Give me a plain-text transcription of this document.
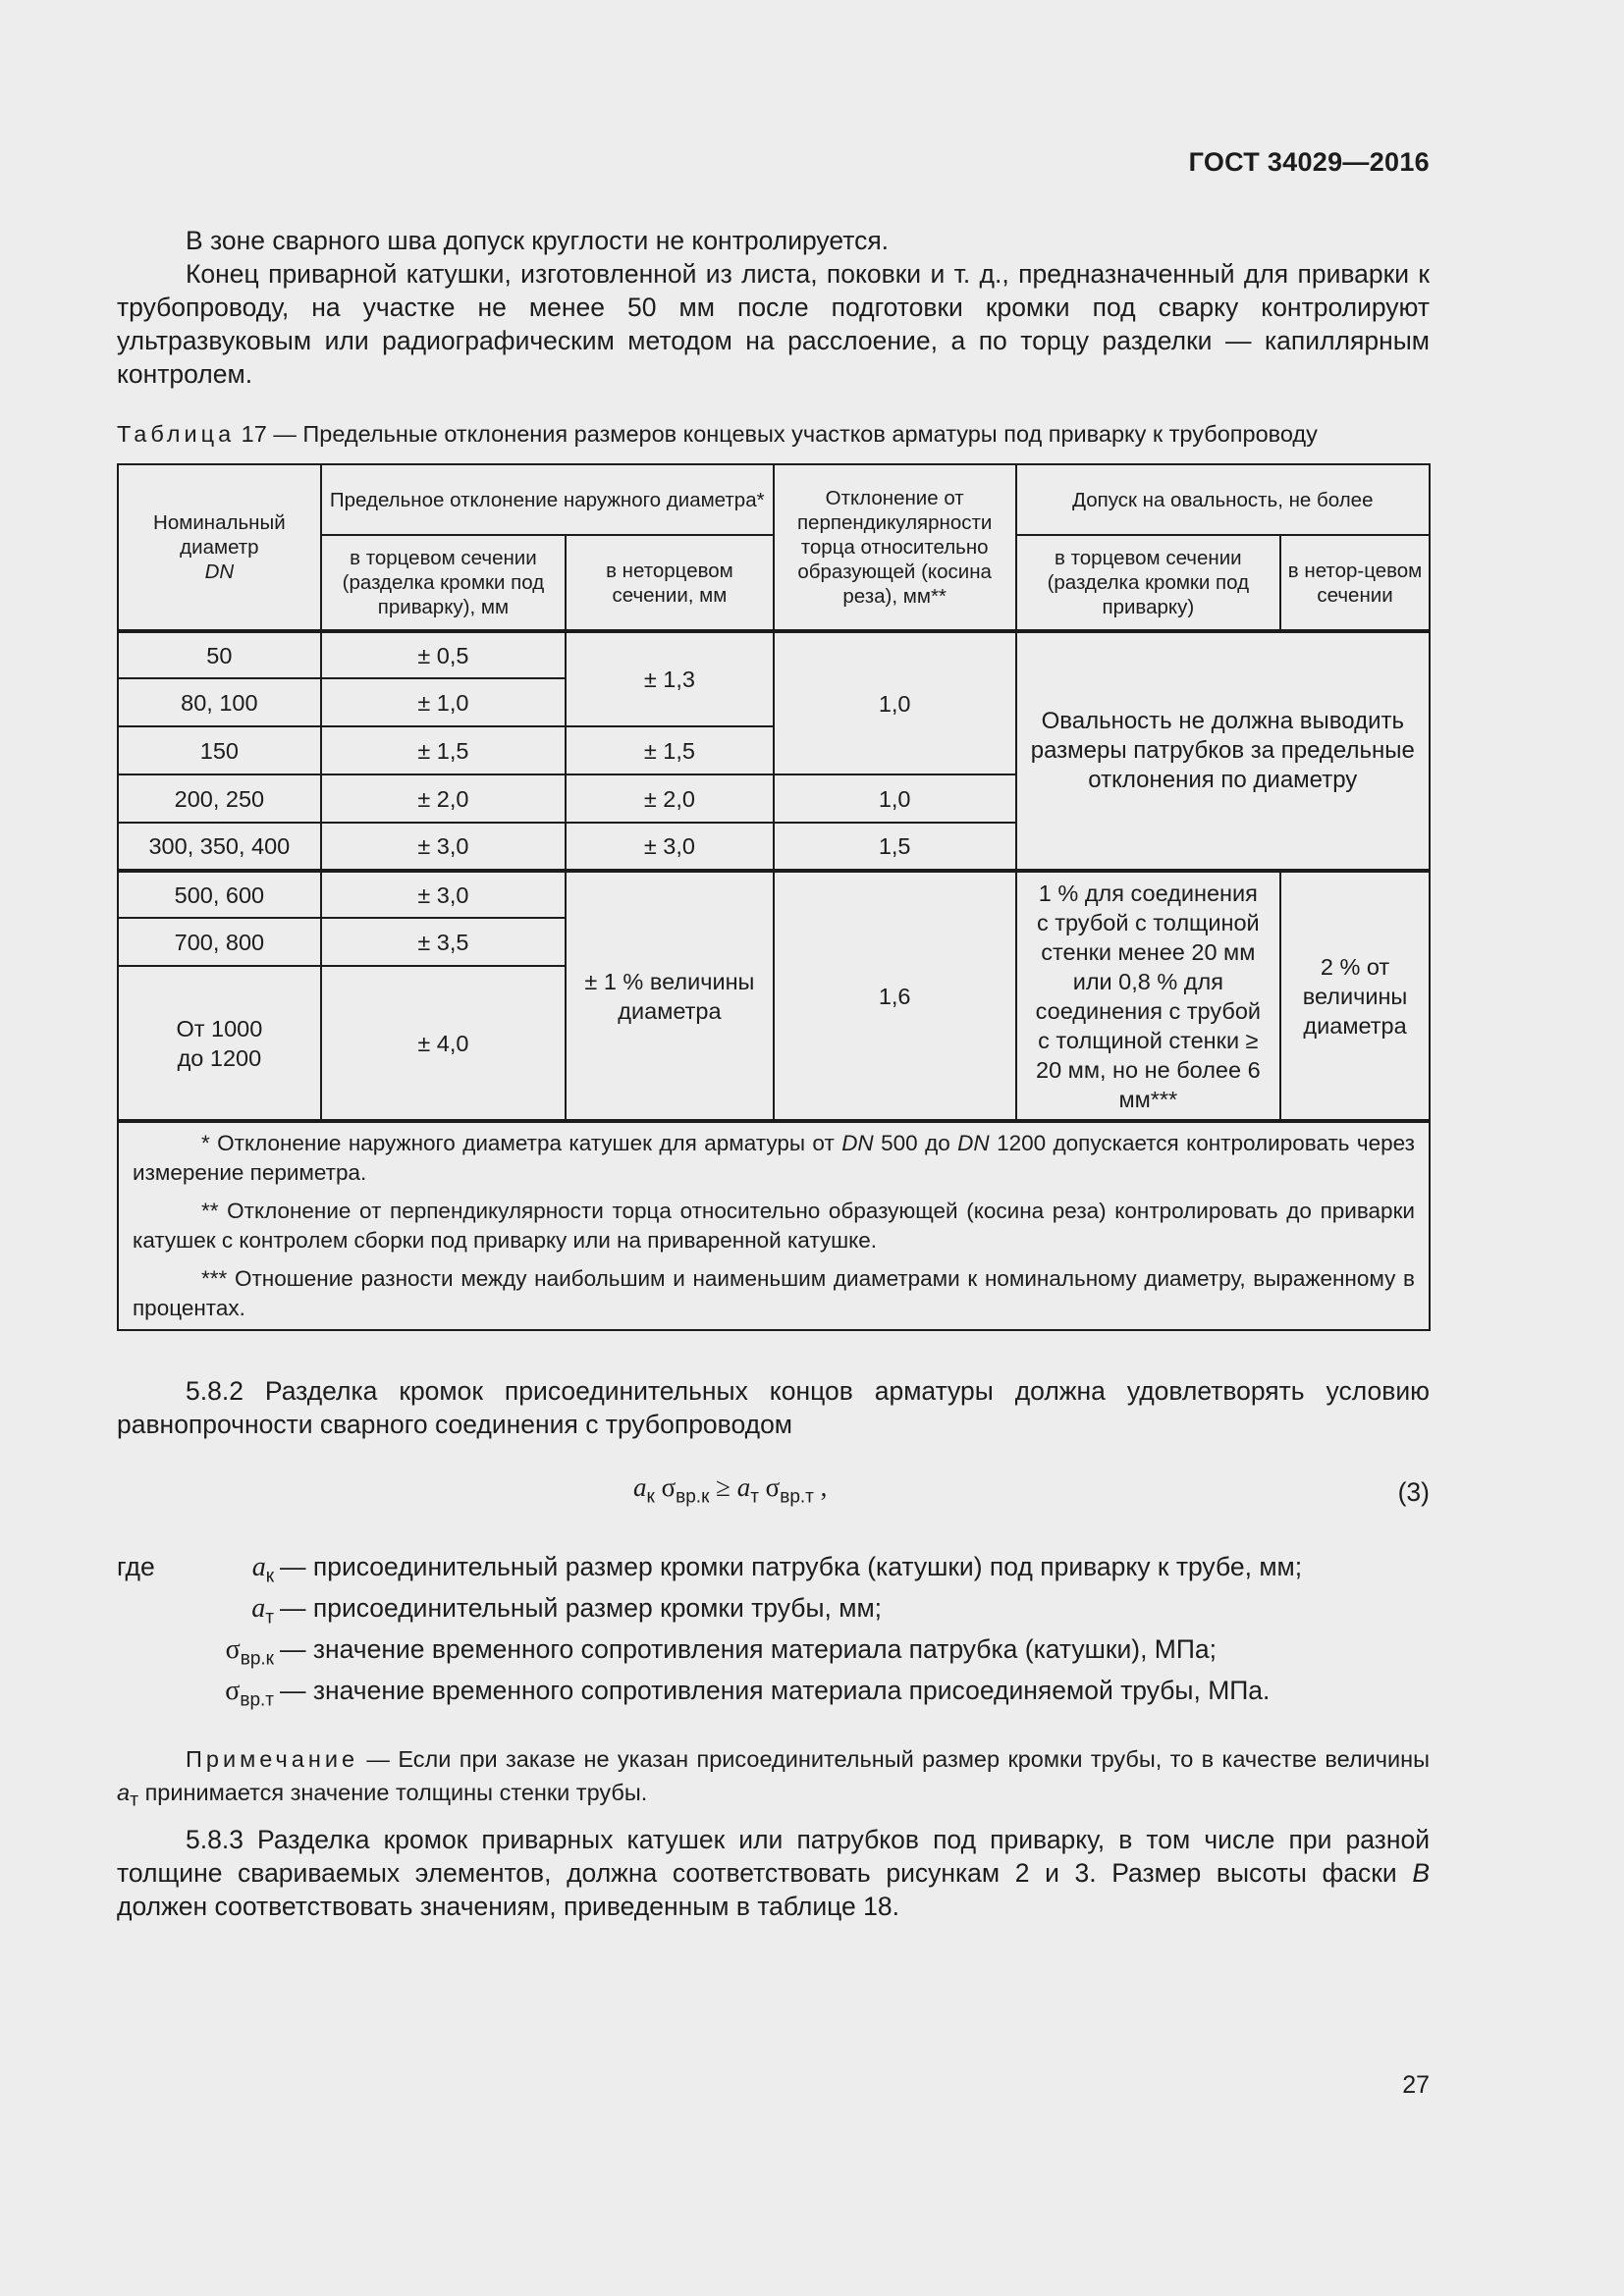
ГОСТ 34029—2016

В зоне сварного шва допуск круглости не контролируется.

Конец приварной катушки, изготовленной из листа, поковки и т. д., предназначенный для приварки к трубопроводу, на участке не менее 50 мм после подготовки кромки под сварку контролируют ультразвуковым или радиографическим методом на расслоение, а по торцу разделки — капиллярным контролем.

Таблица 17 — Предельные отклонения размеров концевых участков арматуры под приварку к трубопроводу
Номинальный
диаметр
DN	Предельное отклонение наружного диаметра*		Отклонение от перпендикулярности торца относительно образующей (косина реза), мм**	Допуск на овальность, не более	
	в торцевом сечении (разделка кромки под приварку), мм	в неторцевом сечении, мм		в торцевом сечении (разделка кромки под приварку)	в нетор-цевом сечении
50	± 0,5	± 1,3	1,0	Овальность не должна выводить размеры патрубков за предельные отклонения по диаметру	
80, 100	± 1,0				
150	± 1,5	± 1,5			
200, 250	± 2,0	± 2,0	1,0		
300, 350, 400	± 3,0	± 3,0	1,5		
500, 600	± 3,0	± 1 % величины диаметра	1,6	1 % для соединения с трубой с толщиной стенки менее 20 мм или 0,8 % для соединения с трубой с толщиной стенки ≥ 20 мм, но не более 6 мм***	2 % от величины диаметра
700, 800	± 3,5				

От 1000
до 1200	± 4,0				

* Отклонение наружного диаметра катушек для арматуры от DN 500 до DN 1200 допускается контролировать через измерение периметра.

** Отклонение от перпендикулярности торца относительно образующей (косина реза) контролировать до приварки катушек с контролем сборки под приварку или на приваренной катушке.

*** Отношение разности между наибольшим и наименьшим диаметрами к номинальному диаметру, выраженному в процентах.					

5.8.2 Разделка кромок присоединительных концов арматуры должна удовлетворять условию равнопрочности сварного соединения с трубопроводом

$a_к$ $\sigma_{вр.к} \ge a_т$ $\sigma_{вр.т}$ ,	(3)
где	$a_к$ — присоединительный размер кромки патрубка (катушки) под приварку к трубе, мм;
$a_т$ — присоединительный размер кромки трубы, мм;
$\sigma_{вр.к}$ — значение временного сопротивления материала патрубка (катушки), МПа;
$\sigma_{вр.т}$ — значение временного сопротивления материала присоединяемой трубы, МПа.

Примечание — Если при заказе не указан присоединительный размер кромки трубы, то в качестве величины $a_т$ принимается значение толщины стенки трубы.

5.8.3 Разделка кромок приварных катушек или патрубков под приварку, в том числе при разной толщине свариваемых элементов, должна соответствовать рисункам 2 и 3. Размер высоты фаски B должен соответствовать значениям, приведенным в таблице 18.

27
